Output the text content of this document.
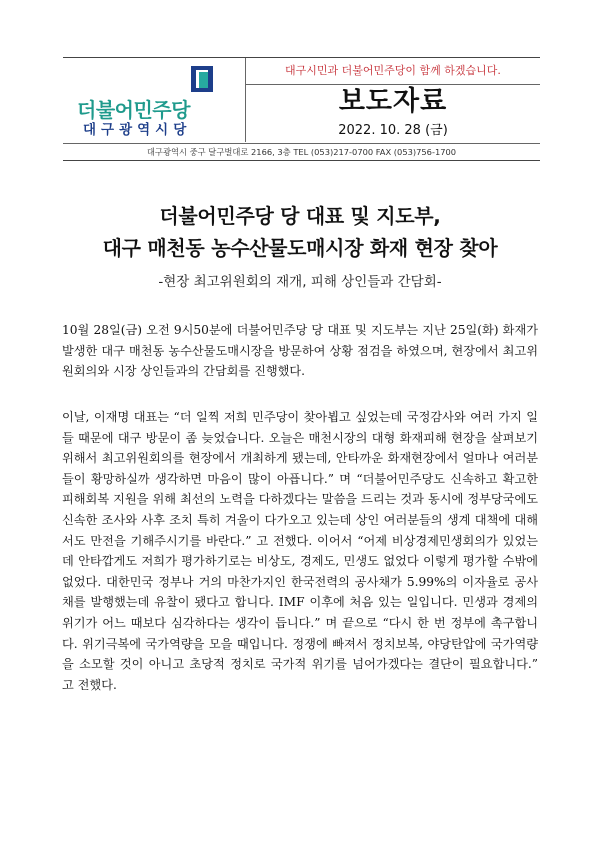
더불어민주당
대구광역시당
대구시민과 더불어민주당이 함께 하겠습니다.
보도자료
2022. 10. 28 (금)
대구광역시 중구 달구벌대로 2166, 3층 TEL (053)217-0700 FAX (053)756-1700
더불어민주당 당 대표 및 지도부,
대구 매천동 농수산물도매시장 화재 현장 찾아
-현장 최고위원회의 재개, 피해 상인들과 간담회-

10월 28일(금) 오전 9시50분에 더불어민주당 당 대표 및 지도부는 지난 25일(화) 화재가 발생한 대구 매천동 농수산물도매시장을 방문하여 상황 점검을 하였으며, 현장에서 최고위원회의와 시장 상인들과의 간담회를 진행했다.

이날, 이재명 대표는 “더 일찍 저희 민주당이 찾아뵙고 싶었는데 국정감사와 여러 가지 일들 때문에 대구 방문이 좀 늦었습니다. 오늘은 매천시장의 대형 화재피해 현장을 살펴보기 위해서 최고위원회의를 현장에서 개최하게 됐는데, 안타까운 화재현장에서 얼마나 여러분들이 황망하실까 생각하면 마음이 많이 아픕니다.” 며 “더불어민주당도 신속하고 확고한 피해회복 지원을 위해 최선의 노력을 다하겠다는 말씀을 드리는 것과 동시에 정부당국에도 신속한 조사와 사후 조치 특히 겨울이 다가오고 있는데 상인 여러분들의 생계 대책에 대해서도 만전을 기해주시기를 바란다.” 고 전했다. 이어서 “어제 비상경제민생회의가 있었는데 안타깝게도 저희가 평가하기로는 비상도, 경제도, 민생도 없었다 이렇게 평가할 수밖에 없었다. 대한민국 정부나 거의 마찬가지인 한국전력의 공사채가 5.99%의 이자율로 공사채를 발행했는데 유찰이 됐다고 합니다. IMF 이후에 처음 있는 일입니다. 민생과 경제의 위기가 어느 때보다 심각하다는 생각이 듭니다.” 며 끝으로 “다시 한 번 정부에 촉구합니다. 위기극복에 국가역량을 모을 때입니다. 정쟁에 빠져서 정치보복, 야당탄압에 국가역량을 소모할 것이 아니고 초당적 정치로 국가적 위기를 넘어가겠다는 결단이 필요합니다.” 고 전했다.
